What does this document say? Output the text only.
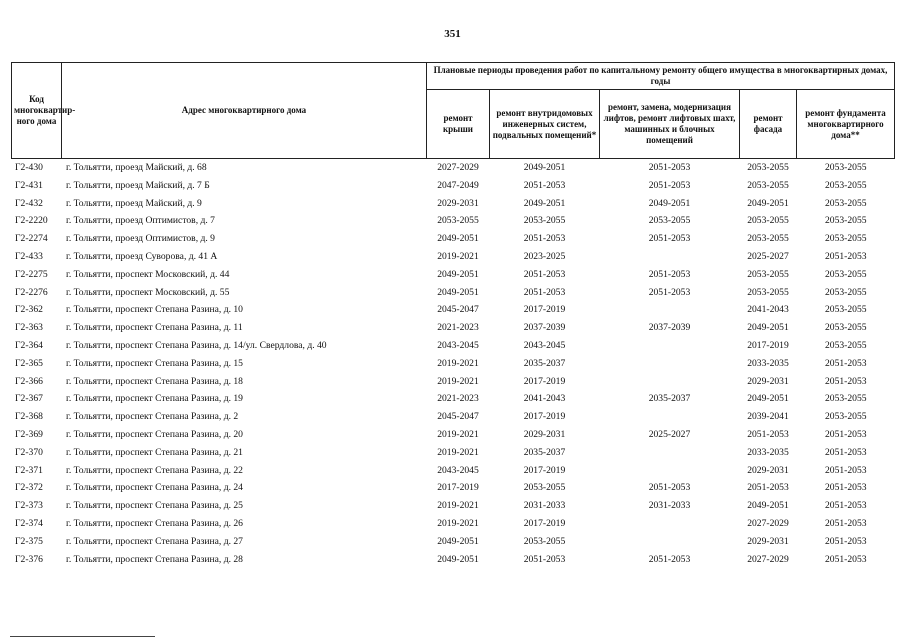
351
Код многоквартир-ного дома	Адрес многоквартирного дома	Плановые периоды проведения работ по капитальному ремонту общего имущества в многоквартирных домах, годы				
		ремонт крыши	ремонт внутридомовых инженерных систем, подвальных помещений*	ремонт, замена, модернизация лифтов, ремонт лифтовых шахт, машинных и блочных помещений	ремонт фасада	ремонт фундамента многоквартирного дома**
Г2-430	г. Тольятти, проезд Майский, д. 68	2027-2029	2049-2051	2051-2053	2053-2055	2053-2055
Г2-431	г. Тольятти, проезд Майский, д. 7 Б	2047-2049	2051-2053	2051-2053	2053-2055	2053-2055
Г2-432	г. Тольятти, проезд Майский, д. 9	2029-2031	2049-2051	2049-2051	2049-2051	2053-2055
Г2-2220	г. Тольятти, проезд Оптимистов, д. 7	2053-2055	2053-2055	2053-2055	2053-2055	2053-2055
Г2-2274	г. Тольятти, проезд Оптимистов, д. 9	2049-2051	2051-2053	2051-2053	2053-2055	2053-2055
Г2-433	г. Тольятти, проезд Суворова, д. 41 А	2019-2021	2023-2025		2025-2027	2051-2053
Г2-2275	г. Тольятти, проспект Московский, д. 44	2049-2051	2051-2053	2051-2053	2053-2055	2053-2055
Г2-2276	г. Тольятти, проспект Московский, д. 55	2049-2051	2051-2053	2051-2053	2053-2055	2053-2055
Г2-362	г. Тольятти, проспект Степана Разина, д. 10	2045-2047	2017-2019		2041-2043	2053-2055
Г2-363	г. Тольятти, проспект Степана Разина, д. 11	2021-2023	2037-2039	2037-2039	2049-2051	2053-2055
Г2-364	г. Тольятти, проспект Степана Разина, д. 14/ул. Свердлова, д. 40	2043-2045	2043-2045		2017-2019	2053-2055
Г2-365	г. Тольятти, проспект Степана Разина, д. 15	2019-2021	2035-2037		2033-2035	2051-2053
Г2-366	г. Тольятти, проспект Степана Разина, д. 18	2019-2021	2017-2019		2029-2031	2051-2053
Г2-367	г. Тольятти, проспект Степана Разина, д. 19	2021-2023	2041-2043	2035-2037	2049-2051	2053-2055
Г2-368	г. Тольятти, проспект Степана Разина, д. 2	2045-2047	2017-2019		2039-2041	2053-2055
Г2-369	г. Тольятти, проспект Степана Разина, д. 20	2019-2021	2029-2031	2025-2027	2051-2053	2051-2053
Г2-370	г. Тольятти, проспект Степана Разина, д. 21	2019-2021	2035-2037		2033-2035	2051-2053
Г2-371	г. Тольятти, проспект Степана Разина, д. 22	2043-2045	2017-2019		2029-2031	2051-2053
Г2-372	г. Тольятти, проспект Степана Разина, д. 24	2017-2019	2053-2055	2051-2053	2051-2053	2051-2053
Г2-373	г. Тольятти, проспект Степана Разина, д. 25	2019-2021	2031-2033	2031-2033	2049-2051	2051-2053
Г2-374	г. Тольятти, проспект Степана Разина, д. 26	2019-2021	2017-2019		2027-2029	2051-2053
Г2-375	г. Тольятти, проспект Степана Разина, д. 27	2049-2051	2053-2055		2029-2031	2051-2053
Г2-376	г. Тольятти, проспект Степана Разина, д. 28	2049-2051	2051-2053	2051-2053	2027-2029	2051-2053
